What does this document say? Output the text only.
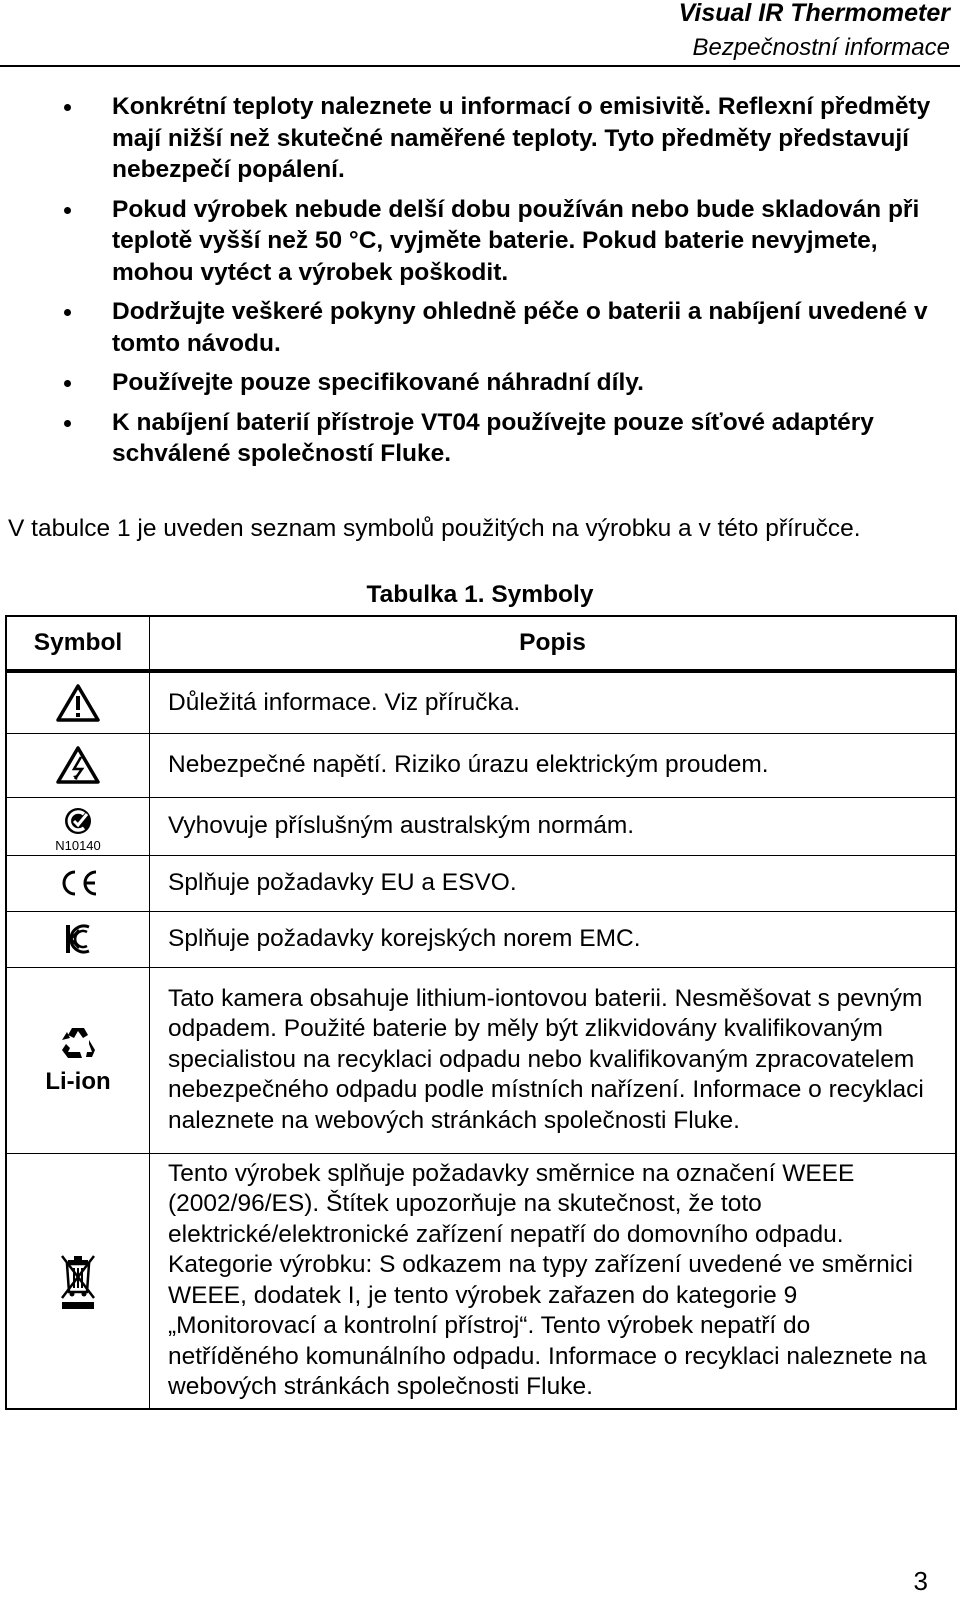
Visual IR Thermometer
Bezpečnostní informace
Konkrétní teploty naleznete u informací o emisivitě. Reflexní předměty mají nižší než skutečné naměřené teploty. Tyto předměty představují nebezpečí popálení.
Pokud výrobek nebude delší dobu používán nebo bude skladován při teplotě vyšší než 50 °C, vyjměte baterie. Pokud baterie nevyjmete, mohou vytéct a výrobek poškodit.
Dodržujte veškeré pokyny ohledně péče o baterii a nabíjení uvedené v tomto návodu.
Používejte pouze specifikované náhradní díly.
K nabíjení baterií přístroje VT04 používejte pouze síťové adaptéry schválené společností Fluke.
V tabulce 1 je uveden seznam symbolů použitých na výrobku a v této příručce.
Tabulka 1. Symboly
Symbol	Popis

	Důležitá informace. Viz příručka.

	Nebezpečné napětí. Riziko úrazu elektrickým proudem.

N10140	Vyhovuje příslušným australským normám.

	Splňuje požadavky EU a ESVO.

	Splňuje požadavky korejských norem EMC.

Li-ion	Tato kamera obsahuje lithium-iontovou baterii. Nesměšovat s pevným odpadem. Použité baterie by měly být zlikvidovány kvalifikovaným specialistou na recyklaci odpadu nebo kvalifikovaným zpracovatelem nebezpečného odpadu podle místních nařízení. Informace o recyklaci naleznete na webových stránkách společnosti Fluke.

	Tento výrobek splňuje požadavky směrnice na označení WEEE (2002/96/ES). Štítek upozorňuje na skutečnost, že toto elektrické/elektronické zařízení nepatří do domovního odpadu. Kategorie výrobku: S odkazem na typy zařízení uvedené ve směrnici WEEE, dodatek I, je tento výrobek zařazen do kategorie 9 „Monitorovací a kontrolní přístroj“. Tento výrobek nepatří do netříděného komunálního odpadu. Informace o recyklaci naleznete na webových stránkách společnosti Fluke.
3
